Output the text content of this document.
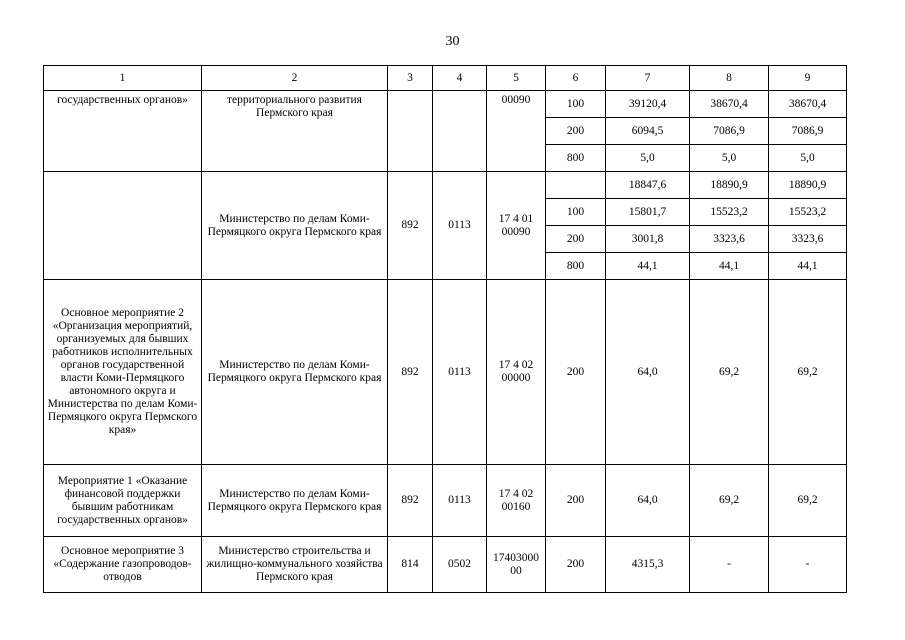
30
1	2	3	4	5	6	7	8	9
государственных органов»	территориального развития Пермского края			00090	100	39120,4	38670,4	38670,4
					200	6094,5	7086,9	7086,9
					800	5,0	5,0	5,0
	Министерство по делам Коми-Пермяцкого округа Пермского края	892	0113	17 4 01 00090		18847,6	18890,9	18890,9
					100	15801,7	15523,2	15523,2
					200	3001,8	3323,6	3323,6
					800	44,1	44,1	44,1
Основное мероприятие 2 «Организация мероприятий, организуемых для бывших работников исполнительных органов государственной власти Коми-Пермяцкого автономного округа и Министерства по делам Коми-Пермяцкого округа Пермского края»	Министерство по делам Коми-Пермяцкого округа Пермского края	892	0113	17 4 02 00000	200	64,0	69,2	69,2
Мероприятие 1 «Оказание финансовой поддержки бывшим работникам государственных органов»	Министерство по делам Коми-Пермяцкого округа Пермского края	892	0113	17 4 02 00160	200	64,0	69,2	69,2
Основное мероприятие 3 «Содержание газопроводов-отводов	Министерство строительства и жилищно-коммунального хозяйства Пермского края	814	0502	17403000 00	200	4315,3	-	-
